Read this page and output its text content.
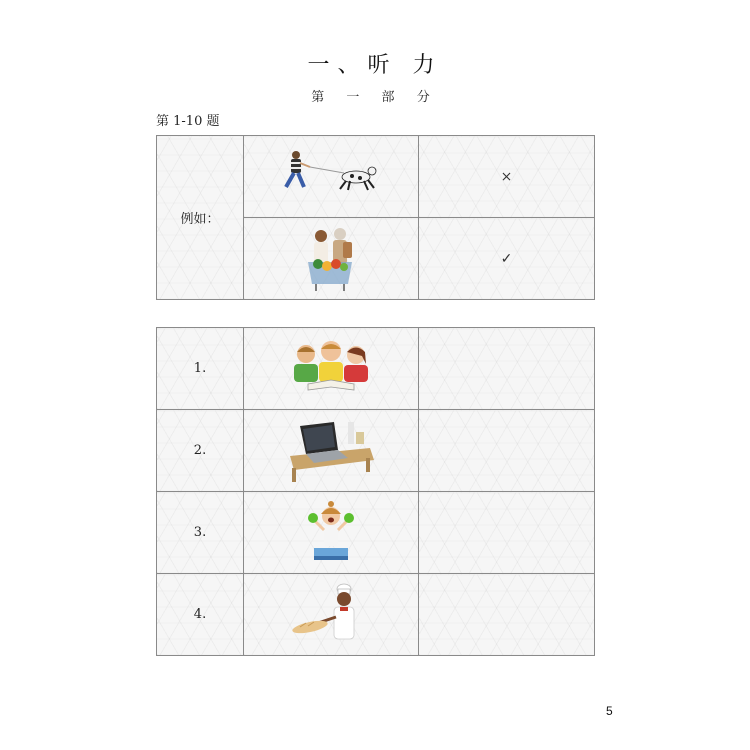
一、听 力
第 一 部 分
第 1-10 题
例如：		×

	✓
1.	

2.	

3.	

4.	

5
